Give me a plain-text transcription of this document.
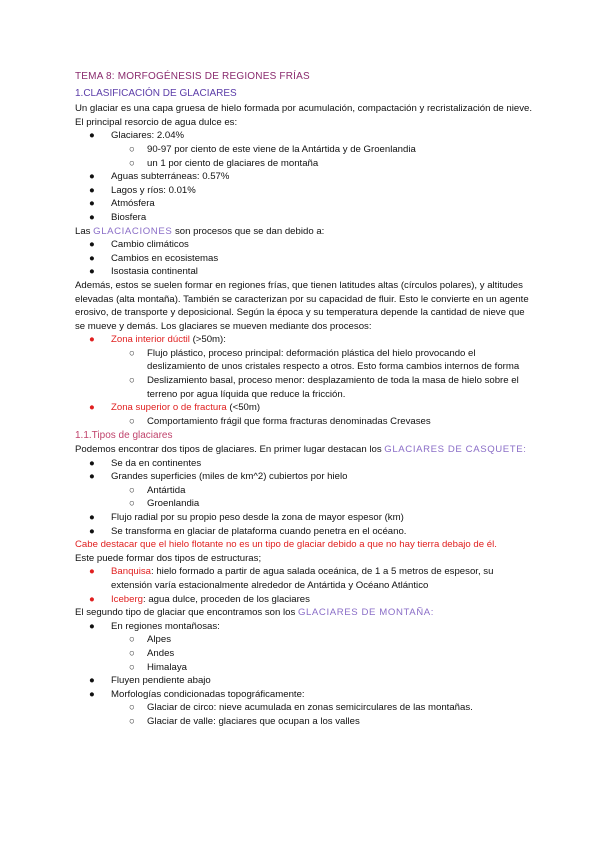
TEMA 8: MORFOGÉNESIS DE REGIONES FRÍAS
1.CLASIFICACIÓN DE GLACIARES

Un glaciar es una capa gruesa de hielo formada por acumulación, compactación y recristalización de nieve. El principal resorcio de agua dulce es:

● Glaciares: 2.04%
○ 90-97 por ciento de este viene de la Antártida y de Groenlandia
○ un 1 por ciento de glaciares de montaña
● Aguas subterráneas: 0.57%
● Lagos y ríos: 0.01%
● Atmósfera
● Biosfera

Las GLACIACIONES son procesos que se dan debido a:

● Cambio climáticos
● Cambios en ecosistemas
● Isostasia continental

Además, estos se suelen formar en regiones frías, que tienen latitudes altas (círculos polares), y altitudes elevadas (alta montaña). También se caracterizan por su capacidad de fluir. Esto le convierte en un agente erosivo, de transporte y deposicional. Según la época y su temperatura depende la cantidad de nieve que se mueve y demás. Los glaciares se mueven mediante dos procesos:

● Zona interior dúctil (>50m):
○ Flujo plástico, proceso principal: deformación plástica del hielo provocando el deslizamiento de unos cristales respecto a otros. Esto forma cambios internos de forma
○ Deslizamiento basal, proceso menor: desplazamiento de toda la masa de hielo sobre el terreno por agua líquida que reduce la fricción.
● Zona superior o de fractura (<50m)
○ Comportamiento frágil que forma fracturas denominadas Crevases
1.1.Tipos de glaciares

Podemos encontrar dos tipos de glaciares. En primer lugar destacan los GLACIARES DE CASQUETE:

● Se da en continentes
● Grandes superficies (miles de km^2) cubiertos por hielo
○ Antártida
○ Groenlandia
● Flujo radial por su propio peso desde la zona de mayor espesor (km)
● Se transforma en glaciar de plataforma cuando penetra en el océano.

Cabe destacar que el hielo flotante no es un tipo de glaciar debido a que no hay tierra debajo de él.

Este puede formar dos tipos de estructuras;

● Banquisa: hielo formado a partir de agua salada oceánica, de 1 a 5 metros de espesor, su extensión varía estacionalmente alrededor de Antártida y Océano Atlántico
● Iceberg: agua dulce, proceden de los glaciares

El segundo tipo de glaciar que encontramos son los GLACIARES DE MONTAÑA:

● En regiones montañosas:
○ Alpes
○ Andes
○ Himalaya
● Fluyen pendiente abajo
● Morfologías condicionadas topográficamente:
○ Glaciar de circo: nieve acumulada en zonas semicirculares de las montañas.
○ Glaciar de valle: glaciares que ocupan a los valles
